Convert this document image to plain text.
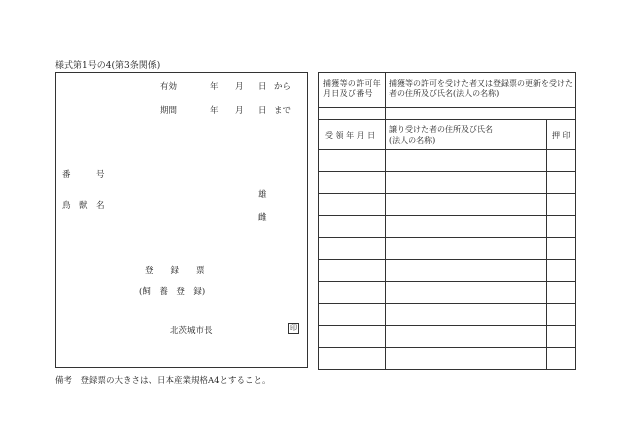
様式第1号の4(第3条関係)
有効
期間
年 月 日 から
年 月 日 まで
番　　　号
鳥　獣　名
雄
雌
登　　録　　票
(飼　養　登　録)
北茨城市長	印
捕獲等の許可年月日及び番号
捕獲等の許可を受けた者又は登録票の更新を受けた者の住所及び氏名(法人の名称)
受 領 年 月 日
譲り受けた者の住所及び氏名
(法人の名称)
押 印
備考　登録票の大きさは、日本産業規格A4とすること。
